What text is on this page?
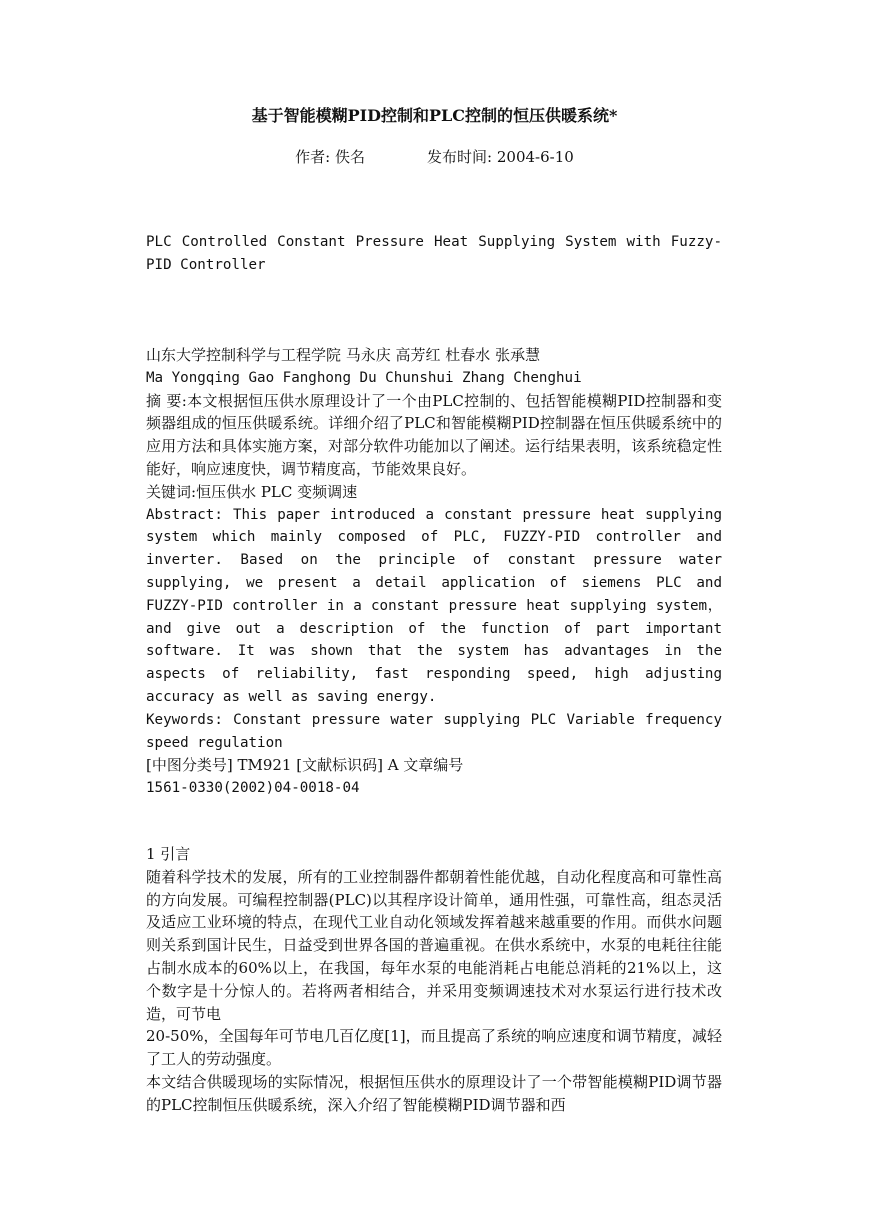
基于智能模糊PID控制和PLC控制的恒压供暖系统*
作者: 佚名	发布时间: 2004-6-10
PLC Controlled Constant Pressure Heat Supplying System with Fuzzy-PID Controller

山东大学控制科学与工程学院 马永庆 高芳红 杜春水 张承慧

Ma Yongqing Gao Fanghong Du Chunshui Zhang Chenghui

摘 要:本文根据恒压供水原理设计了一个由PLC控制的、包括智能模糊PID控制器和变频器组成的恒压供暖系统。详细介绍了PLC和智能模糊PID控制器在恒压供暖系统中的应用方法和具体实施方案，对部分软件功能加以了阐述。运行结果表明，该系统稳定性能好，响应速度快，调节精度高，节能效果良好。

关键词:恒压供水 PLC 变频调速

Abstract: This paper introduced a constant pressure heat supplying system which mainly composed of PLC, FUZZY-PID controller and inverter. Based on the principle of constant pressure water supplying, we present a detail application of siemens PLC and FUZZY-PID controller in a constant pressure heat supplying system，and give out a description of the function of part important software. It was shown that the system has advantages in the aspects of reliability, fast responding speed, high adjusting accuracy as well as saving energy.

Keywords: Constant pressure water supplying PLC Variable frequency speed regulation

[中图分类号] TM921 [文献标识码] A 文章编号

1561-0330(2002)04-0018-04

1 引言

随着科学技术的发展，所有的工业控制器件都朝着性能优越，自动化程度高和可靠性高的方向发展。可编程控制器(PLC)以其程序设计简单，通用性强，可靠性高，组态灵活及适应工业环境的特点，在现代工业自动化领域发挥着越来越重要的作用。而供水问题则关系到国计民生，日益受到世界各国的普遍重视。在供水系统中，水泵的电耗往往能占制水成本的60%以上，在我国，每年水泵的电能消耗占电能总消耗的21%以上，这个数字是十分惊人的。若将两者相结合，并采用变频调速技术对水泵运行进行技术改造，可节电

20-50%，全国每年可节电几百亿度[1]，而且提高了系统的响应速度和调节精度，减轻了工人的劳动强度。

本文结合供暖现场的实际情况，根据恒压供水的原理设计了一个带智能模糊PID调节器的PLC控制恒压供暖系统，深入介绍了智能模糊PID调节器和西
